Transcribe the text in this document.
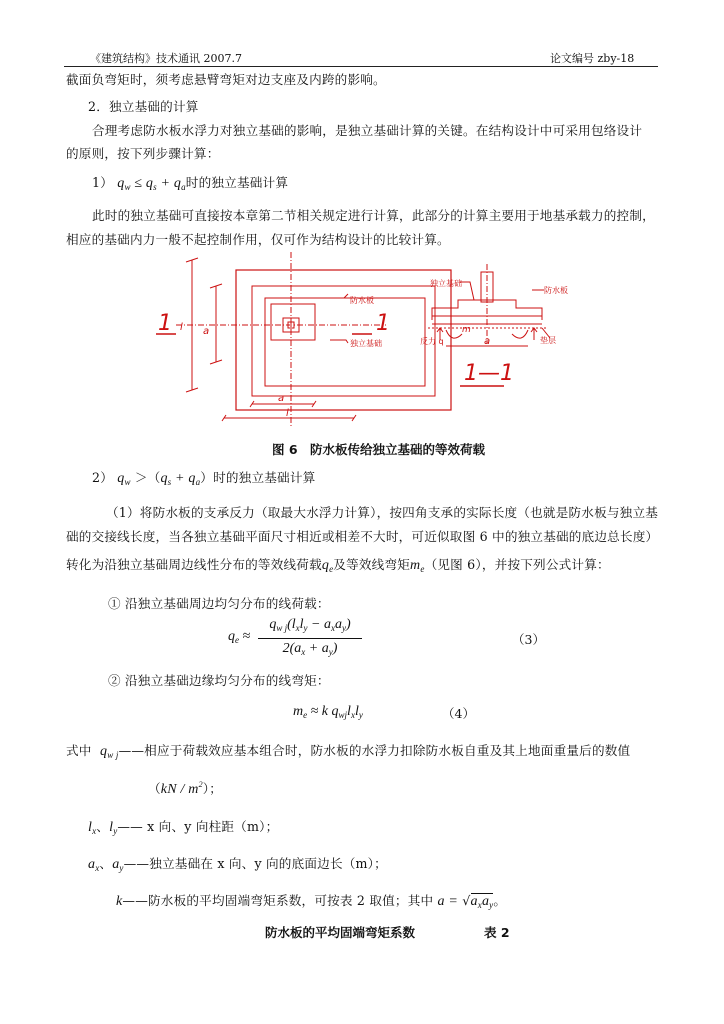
《建筑结构》技术通讯 2007.7	论文编号 zby-18
截面负弯矩时，须考虑悬臂弯矩对边支座及内跨的影响。
2．独立基础的计算
合理考虑防水板水浮力对独立基础的影响，是独立基础计算的关键。在结构设计中可采用包络设计
的原则，按下列步骤计算：
1） $q_w \le q_s + q_a$时的独立基础计算
此时的独立基础可直接按本章第二节相关规定进行计算，此部分的计算主要用于地基承载力的控制，
相应的基础内力一般不起控制作用，仅可作为结构设计的比较计算。
1	1
防水板
独立基础
l a
a
l
独立基础
防水板
m
反力 q	垫层
a
1—1
图 6　防水板传给独立基础的等效荷载
2） $q_w >(q_s + q_a)$时的独立基础计算
（1）将防水板的支承反力（取最大水浮力计算），按四角支承的实际长度（也就是防水板与独立基
础的交接线长度，当各独立基础平面尺寸相近或相差不大时，可近似取图 6 中的独立基础的底边总长度）
转化为沿独立基础周边线性分布的等效线荷载$q_e$及等效线弯矩$m_e$（见图 6），并按下列公式计算：
① 沿独立基础周边均匀分布的线荷载：
$q_e$ ≈
$q_{w j}(l_xl_y - a_xa_y)$
$2(a_x + a_y)$
（3）
② 沿独立基础边缘均匀分布的线弯矩：
$m_e \approx k$ $q_{wj}l_xl_y$	（4）
式中 $q_{w j}——$相应于荷载效应基本组合时，防水板的水浮力扣除防水板自重及其上地面重量后的数值
$(kN / m^2)$；
$l_x$、$l_y——$ x 向、y 向柱距（m）；
$a_x$、$a_y——$独立基础在 x 向、y 向的底面边长（m）；
k——防水板的平均固端弯矩系数，可按表 2 取值；其中 $a = √a_xa_y$。
防水板的平均固端弯矩系数	表 2
